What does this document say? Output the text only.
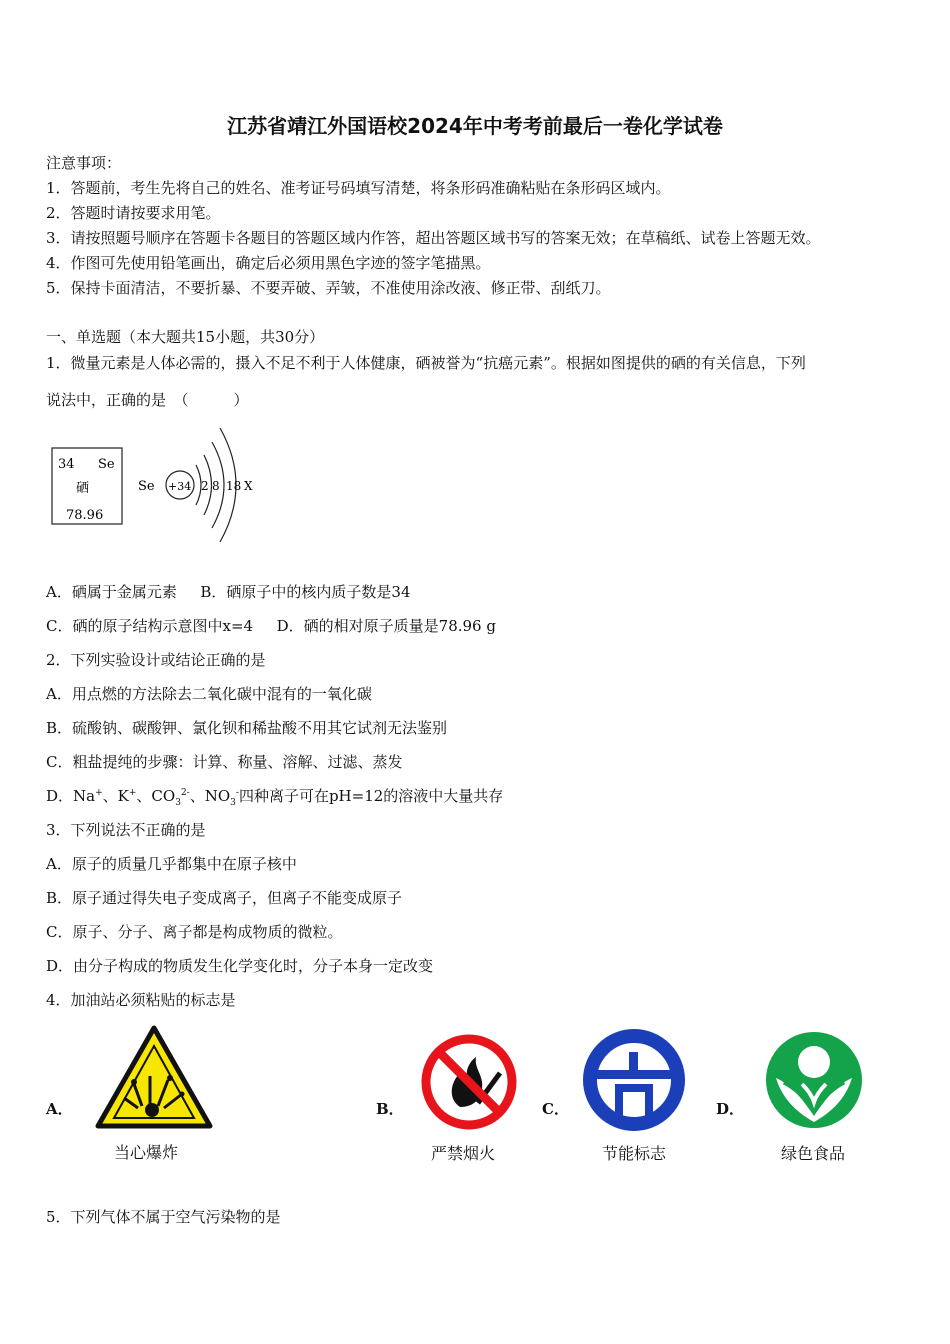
江苏省靖江外国语校2024年中考考前最后一卷化学试卷
注意事项：
1．答题前，考生先将自己的姓名、准考证号码填写清楚，将条形码准确粘贴在条形码区域内。
2．答题时请按要求用笔。
3．请按照题号顺序在答题卡各题目的答题区域内作答，超出答题区域书写的答案无效；在草稿纸、试卷上答题无效。
4．作图可先使用铅笔画出，确定后必须用黑色字迹的签字笔描黑。
5．保持卡面清洁，不要折暴、不要弄破、弄皱，不准使用涂改液、修正带、刮纸刀。
一、单选题（本大题共15小题，共30分）
1．微量元素是人体必需的，摄入不足不利于人体健康，硒被誉为“抗癌元素”。根据如图提供的硒的有关信息，下列
说法中，正确的是　（　　　）
34 Se
硒
78.96
Se +34 2 8 18 X
A．硒属于金属元素 B．硒原子中的核内质子数是34
C．硒的原子结构示意图中x=4 D．硒的相对原子质量是78.96 g
2．下列实验设计或结论正确的是
A．用点燃的方法除去二氧化碳中混有的一氧化碳
B．硫酸钠、碳酸钾、氯化钡和稀盐酸不用其它试剂无法鉴别
C．粗盐提纯的步骤：计算、称量、溶解、过滤、蒸发
D．Na+、K+、$CO_3^{2-}$、$NO_3^-$四种离子可在pH=12的溶液中大量共存
3．下列说法不正确的是
A．原子的质量几乎都集中在原子核中
B．原子通过得失电子变成离子，但离子不能变成原子
C．原子、分子、离子都是构成物质的微粒。
D．由分子构成的物质发生化学变化时，分子本身一定改变
4．加油站必须粘贴的标志是
A．
当心爆炸
B．
严禁烟火
C．
节能标志
D．
绿色食品
5．下列气体不属于空气污染物的是
